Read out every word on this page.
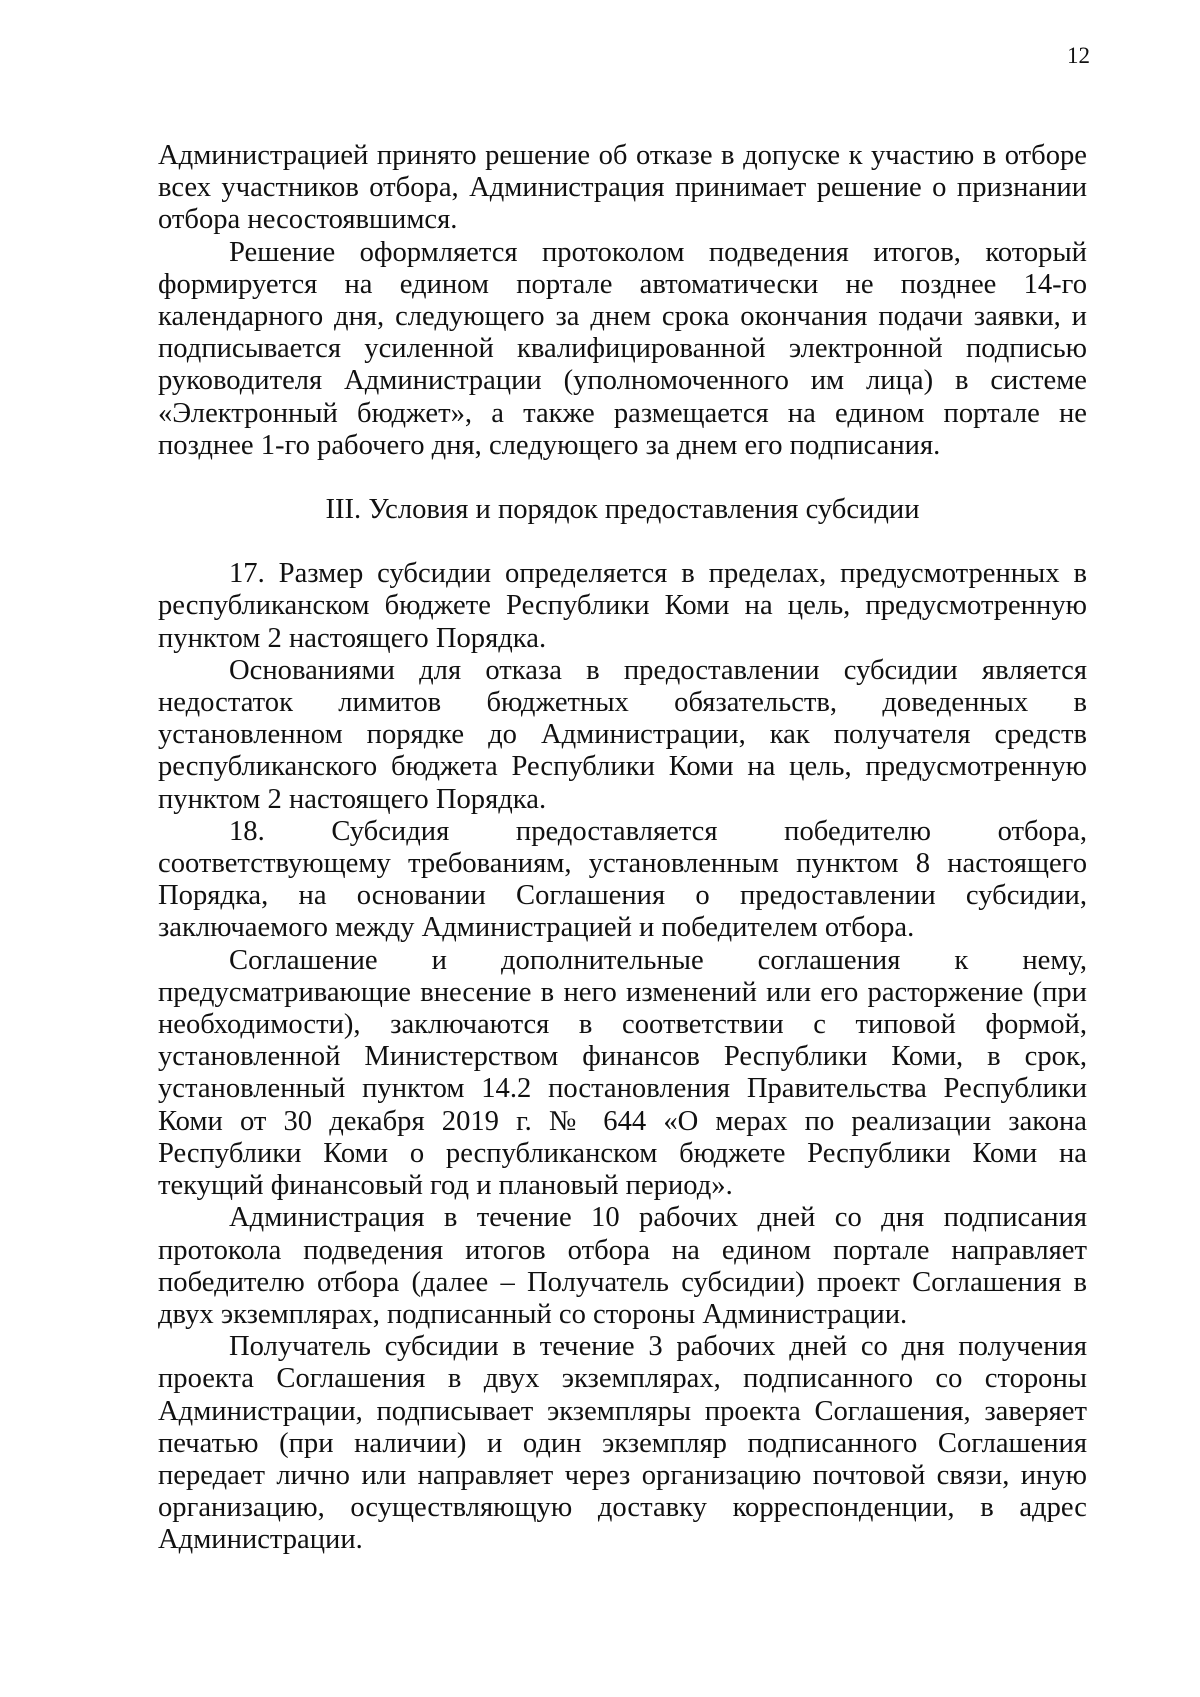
12

Администрацией принято решение об отказе в допуске к участию в отборе всех участников отбора, Администрация принимает решение о признании отбора несостоявшимся.

Решение оформляется протоколом подведения итогов, который формируется на едином портале автоматически не позднее 14-го календарного дня, следующего за днем срока окончания подачи заявки, и подписывается усиленной квалифицированной электронной подписью руководителя Администрации (уполномоченного им лица) в системе «Электронный бюджет», а также размещается на едином портале не позднее 1-го рабочего дня, следующего за днем его подписания.

III. Условия и порядок предоставления субсидии

17. Размер субсидии определяется в пределах, предусмотренных в республиканском бюджете Республики Коми на цель, предусмотренную пунктом 2 настоящего Порядка.

Основаниями для отказа в предоставлении субсидии является недостаток лимитов бюджетных обязательств, доведенных в установленном порядке до Администрации, как получателя средств республиканского бюджета Республики Коми на цель, предусмотренную пунктом 2 настоящего Порядка.

18. Субсидия предоставляется победителю отбора, соответствующему требованиям, установленным пунктом 8 настоящего Порядка, на основании Соглашения о предоставлении субсидии, заключаемого между Администрацией и победителем отбора.

Соглашение и дополнительные соглашения к нему, предусматривающие внесение в него изменений или его расторжение (при необходимости), заключаются в соответствии с типовой формой, установленной Министерством финансов Республики Коми, в срок, установленный пунктом 14.2 постановления Правительства Республики Коми от 30 декабря 2019 г. № 644 «О мерах по реализации закона Республики Коми о республиканском бюджете Республики Коми на текущий финансовый год и плановый период».

Администрация в течение 10 рабочих дней со дня подписания протокола подведения итогов отбора на едином портале направляет победителю отбора (далее – Получатель субсидии) проект Соглашения в двух экземплярах, подписанный со стороны Администрации.

Получатель субсидии в течение 3 рабочих дней со дня получения проекта Соглашения в двух экземплярах, подписанного со стороны Администрации, подписывает экземпляры проекта Соглашения, заверяет печатью (при наличии) и один экземпляр подписанного Соглашения передает лично или направляет через организацию почтовой связи, иную организацию, осуществляющую доставку корреспонденции, в адрес Администрации.
